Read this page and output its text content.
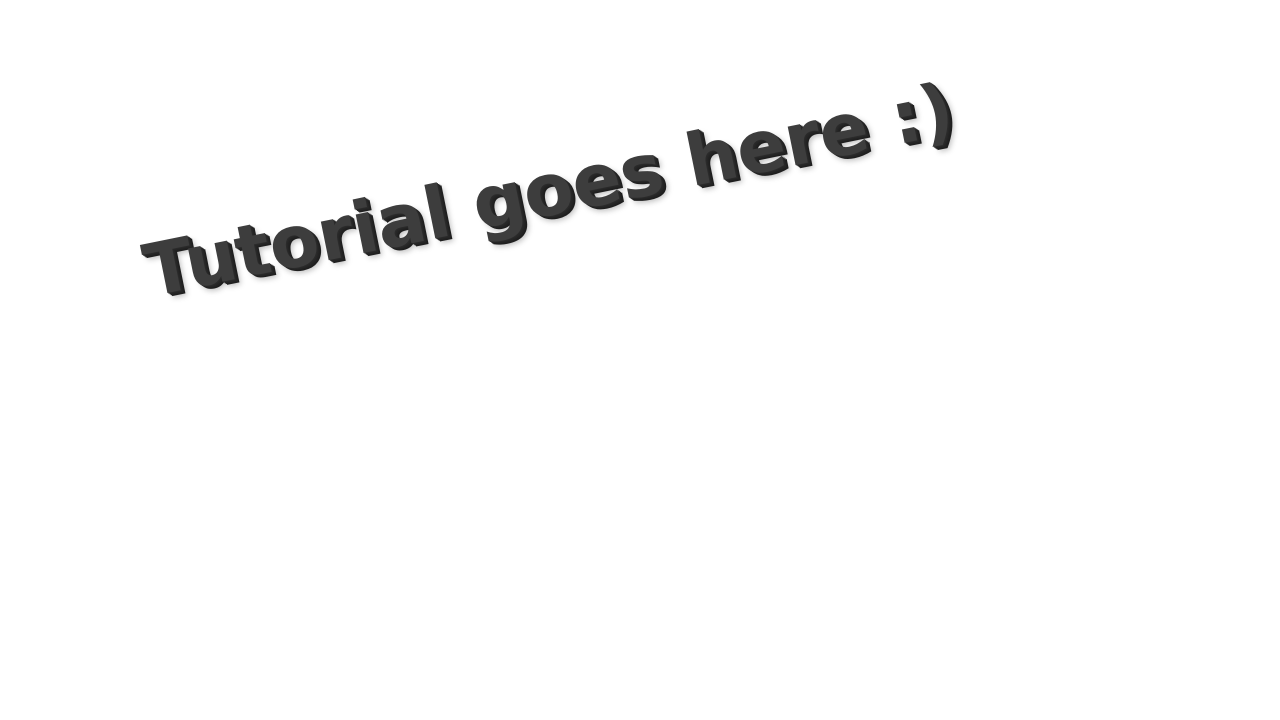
Tutorial goes here :)
